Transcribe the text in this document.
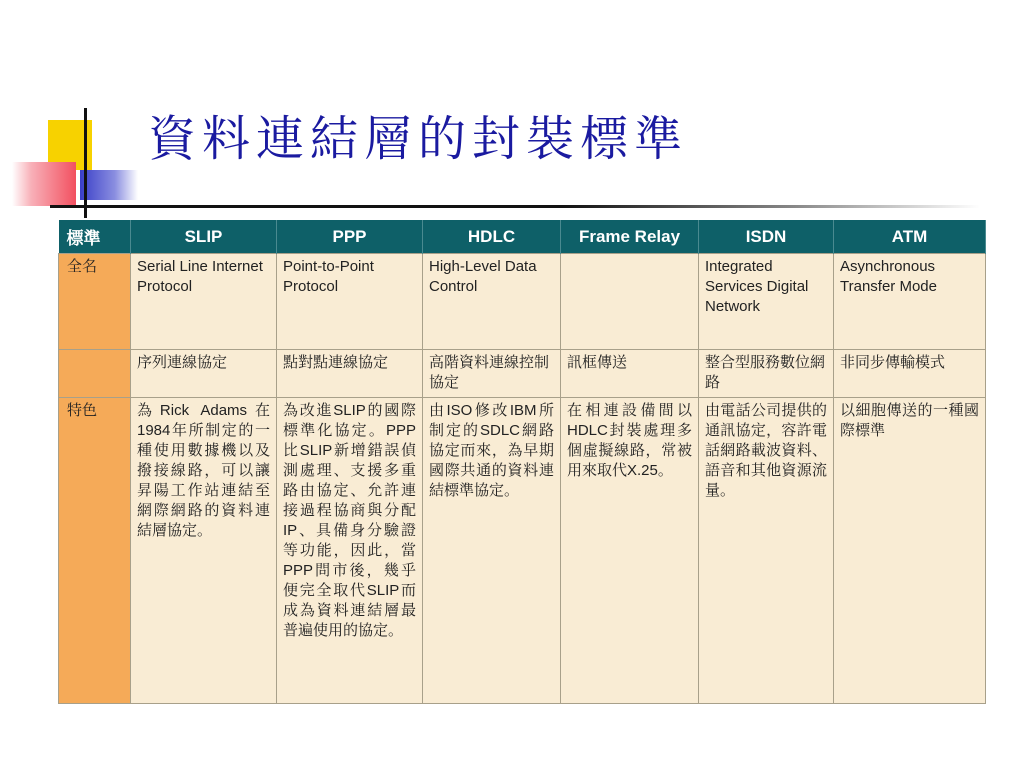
資料連結層的封裝標準
標準	SLIP	PPP	HDLC	Frame Relay	ISDN	ATM
全名	Serial Line Internet Protocol	Point-to-Point Protocol	High-Level Data Control		Integrated Services Digital Network	Asynchronous Transfer Mode
	序列連線協定	點對點連線協定	高階資料連線控制協定	訊框傳送	整合型服務數位網路	非同步傳輸模式
特色	為Rick Adams在1984年所制定的一種使用數據機以及撥接線路，可以讓昇陽工作站連結至網際網路的資料連結層協定。	為改進SLIP的國際標準化協定。PPP比SLIP新增錯誤偵測處理、支援多重路由協定、允許連接過程協商與分配IP、具備身分驗證等功能，因此，當PPP問市後，幾乎便完全取代SLIP而成為資料連結層最普遍使用的協定。	由ISO修改IBM所制定的SDLC網路協定而來，為早期國際共通的資料連結標準協定。	在相連設備間以HDLC封裝處理多個虛擬線路，常被用來取代X.25。	由電話公司提供的通訊協定，容許電話網路載波資料、語音和其他資源流量。	以細胞傳送的一種國際標準
